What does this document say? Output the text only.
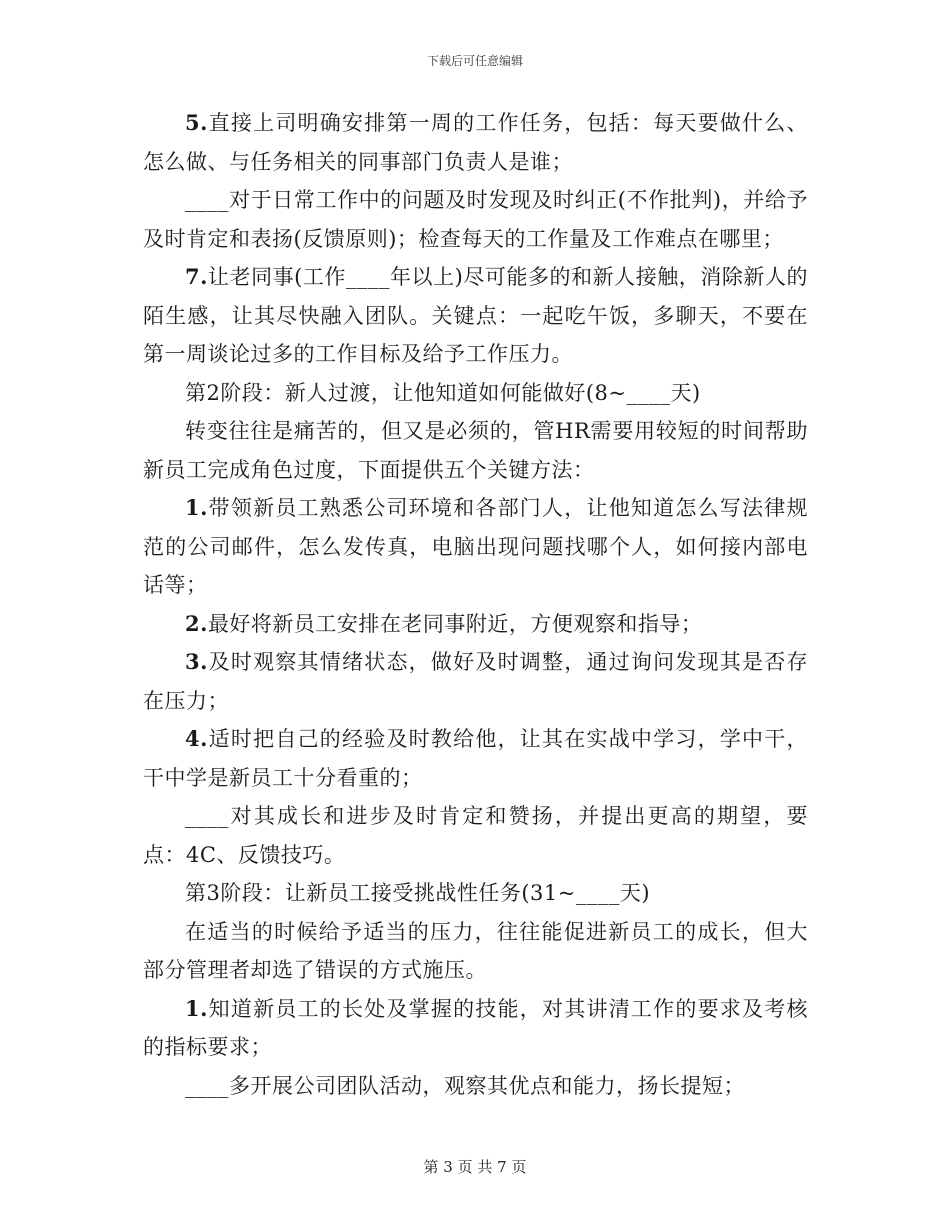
下载后可任意编辑

5.直接上司明确安排第一周的工作任务，包括：每天要做什么、怎么做、与任务相关的同事部门负责人是谁；

____对于日常工作中的问题及时发现及时纠正(不作批判)，并给予及时肯定和表扬(反馈原则)；检查每天的工作量及工作难点在哪里；

7.让老同事(工作____年以上)尽可能多的和新人接触，消除新人的陌生感，让其尽快融入团队。关键点：一起吃午饭，多聊天，不要在第一周谈论过多的工作目标及给予工作压力。

第2阶段：新人过渡，让他知道如何能做好(8~____天)

转变往往是痛苦的，但又是必须的，管HR需要用较短的时间帮助新员工完成角色过度，下面提供五个关键方法：

1.带领新员工熟悉公司环境和各部门人，让他知道怎么写法律规范的公司邮件，怎么发传真，电脑出现问题找哪个人，如何接内部电话等；

2.最好将新员工安排在老同事附近，方便观察和指导；

3.及时观察其情绪状态，做好及时调整，通过询问发现其是否存在压力；

4.适时把自己的经验及时教给他，让其在实战中学习，学中干，干中学是新员工十分看重的；

____对其成长和进步及时肯定和赞扬，并提出更高的期望，要点：4C、反馈技巧。

第3阶段：让新员工接受挑战性任务(31~____天)

在适当的时候给予适当的压力，往往能促进新员工的成长，但大部分管理者却选了错误的方式施压。

1.知道新员工的长处及掌握的技能，对其讲清工作的要求及考核的指标要求；

____多开展公司团队活动，观察其优点和能力，扬长提短；

第 3 页 共 7 页
